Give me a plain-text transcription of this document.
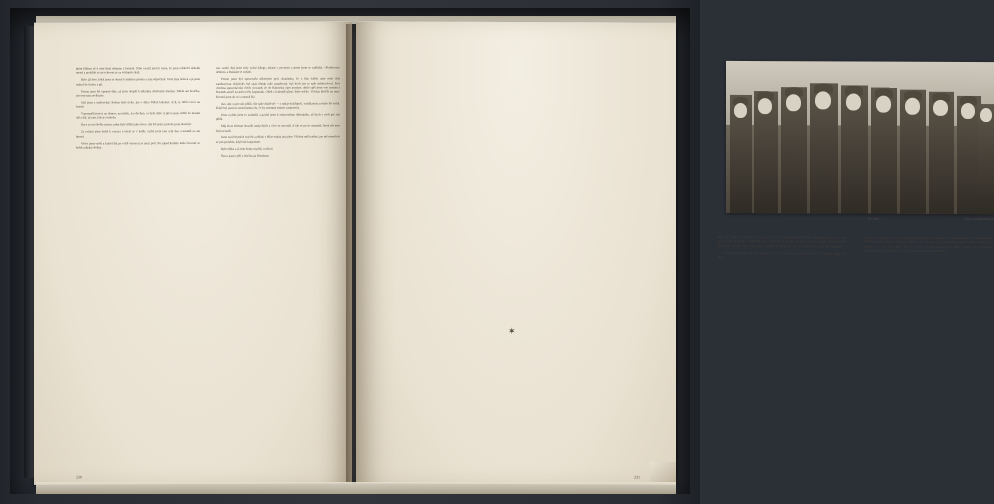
phím kříkem až k nám šinal střepiny z kamení. Toho využil jsem k tomu, že jsem odskočil několik metrů a podařilo se mi schovati se za výstupek skalí.

Bylo již šero, když jsem se dostal k malému potoku a tam odpočinul. Voda byla ledová a já jsem nabral do čutóry a pil.

Potom jsem šel opatrně dále, až jsem dospěl k několika zbořeným domům. Nikde ani živáčka, jen sem tam zavílá pes.

Stál jsem a naslouchal. Kolem bylo ticho, jen v dálce štěkal kulomet. Ach, ty mlčicí noci na fronte!

Vzpomněl jsem si na domov, na matku, na všechno, co bylo milé. A přece jsem věděl, že musím dál a dál, až tam, kde je svoboda.

Ruce se mi chvěly zimou, nohy byly těžké jako olovo. Ale šel jsem, protože jsem musil jít.

Za svítání jsem došel k vesnici a ukryl se v košše. Ležel jsem tam celý den a nesměl se ani hnouti.

Večer jsem vyšel a kráčel dál po cestě vinoucej se mezi poli. Na západ horšelo nebe červeně; to hořela nějaká dedina.

ran, ozebí. Byl jsem tedy vydaí dálego, nikam v pevnosti a prom jsem se zakládal. «Praskovnzo něminí» a Ruskám se vadalo.

Potom jsem byl upozorněn některými pod. zkanínsky, že z bíta dalšíy nám nezb skla samburrovat. Kdykoliv byl snáz lehínk nule znaplevatý, byl bych jen to spět stihlou-leval. Pres všechna spozorlavská všech cíovanek že do Rakouska opet neznine, ubilo spěl jsem ven nastatu s Rusinëk-amičl na pušca těly kapsmink. Oheň z kuloměř pření. Bylo teďko. Všickni hleďili na mne. Kroutil jsem do vsi a naznal Rá.

slav. aby si pro nás přišli. Ale naše dražd-ně — s ruských skřípučí, vzdikkreich zo bylo 80 vošik. Když byl jsem na zmarimaturu-lu, če by znamnat smime zasmoutiia.

Pono rychše jsem to zuzhošil a poslal jsem k otám-stiému důstojníku, až bych v nich pro nás přišli.

Můj život řítrenat douzdů ruskychých a všce se nevzdál. A tak se po tri nonataši, který při mne byli nevadíl.

Jsme na těch prách ozyček a někdy v bříze tsukra jen jeker. Všichni měli tadéni, jen mě nemoh-lo se jim podařilo, když nás krajsnóme.

Bylo těžko a já sem domy mydlil, vzdával.

Šerva jsem vyšli z lesička na Wiezkom.

230
Do zajetí …	Foto: František Obšivda

kde bylo viděti v rakouské strany, spinila se drová praporkeška Dlďíčka. Rakouská armá-da do nás pustíla pále lězapoulí a ještě něko-lik a rakouských zamůla. Ackolív nám pos-pašití; Divíček raďil, abychom v lesičku zůstal, přece jsme se pustili do Přemysla, abychom při byli jen před Rakousakem.

Z Čechů-divonyink jsme tam byli jen dr. Horák a pak všecinamte Duchení zá 77, plu-ku, vulgo štrí-bim.

S takovým izmiyovín pocinu jsem někdy před tím nemaliteval; jsto mluh no zajetí. S lidem Austrie! Viděl motá také instituce Albumis, Němec, jo costít tekí, že do Ra-kouska opět nezmine. A také jsem nejitěl; až v roce 1918, když jsem se vrátil a de-kým přeposen 22. pluku z France ze vy-řízeního označila poznatí SozŽdárka. Tí slavý sávrat poznámým Rakoušanů.

231
✶
